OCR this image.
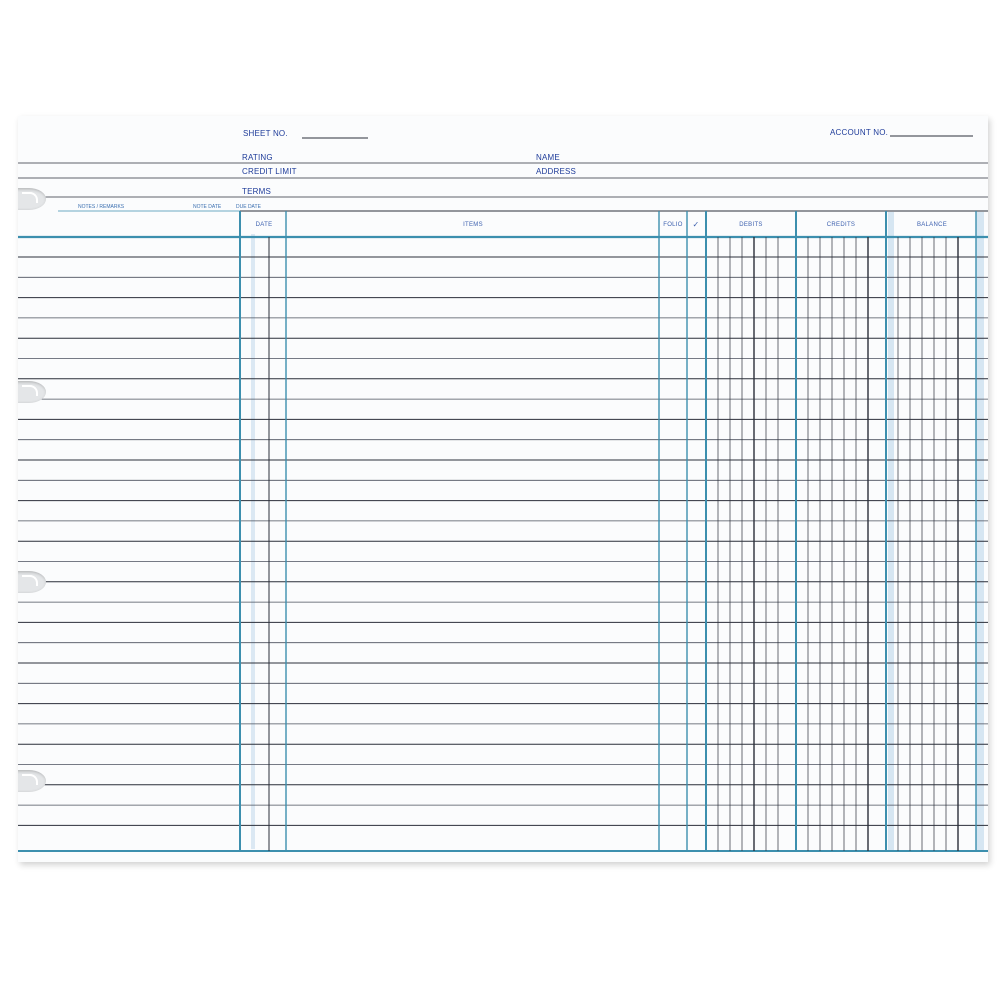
SHEET NO.	ACCOUNT NO.
RATING
CREDIT LIMIT
TERMS
NAME
ADDRESS
NOTES / REMARKS	NOTE DATE	DUE DATE
DATE	ITEMS	FOLIO	✓	DEBITS	CREDITS	BALANCE
